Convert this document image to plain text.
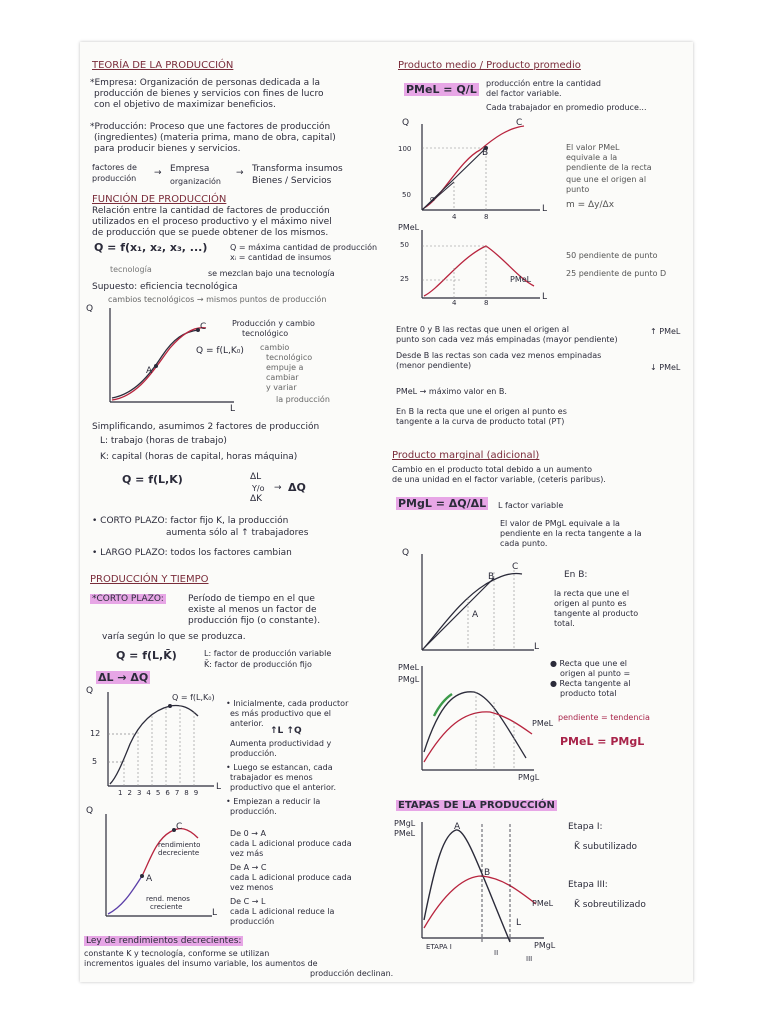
TEORÍA DE LA PRODUCCIÓN
*Empresa: Organización de personas dedicada a la
producción de bienes y servicios con fines de lucro
con el objetivo de maximizar beneficios.
*Producción: Proceso que une factores de producción
(ingredientes) (materia prima, mano de obra, capital)
para producir bienes y servicios.
factores de producción
→ Empresa
organización
→ Transforma insumos
Bienes / Servicios
FUNCIÓN DE PRODUCCIÓN
Relación entre la cantidad de factores de producción
utilizados en el proceso productivo y el máximo nivel
de producción que se puede obtener de los mismos.
Q = f(x₁, x₂, x₃, ...)	Q = máxima cantidad de producción
xᵢ = cantidad de insumos
tecnología	se mezclan bajo una tecnología
Supuesto: eficiencia tecnológica
cambios tecnológicos → mismos puntos de producción
Q
L
A
C
Q = f(L,K₀)
Producción y cambio
tecnológico
cambio
tecnológico
empuje a
cambiar
y variar
la producción
Simplificando, asumimos 2 factores de producción
L: trabajo (horas de trabajo)
K: capital (horas de capital, horas máquina)
Q = f(L,K)	ΔL
Y/o
ΔK
→ ΔQ
• CORTO PLAZO: factor fijo K, la producción
aumenta sólo al ↑ trabajadores
• LARGO PLAZO: todos los factores cambian
PRODUCCIÓN Y TIEMPO
*CORTO PLAZO:	Período de tiempo en el que
existe al menos un factor de
producción fijo (o constante).
varía según lo que se produzca.
Q = f(L,K̄)	L: factor de producción variable
K̄: factor de producción fijo
ΔL → ΔQ
Q
L
Q = f(L,K₀)
12
5
123456789
• Inicialmente, cada productor
es más productivo que el
anterior.
↑L ↑Q
Aumenta productividad y
producción.
• Luego se estancan, cada
trabajador es menos
productivo que el anterior.
• Empiezan a reducir la
producción.
Q
L
A
C
rendimiento
decreciente
rend. menos
creciente
De 0 → A
cada L adicional produce cada
vez más
De A → C
cada L adicional produce cada
vez menos
De C → L
cada L adicional reduce la
producción
Ley de rendimientos decrecientes:
constante K y tecnología, conforme se utilizan
incrementos iguales del insumo variable, los aumentos de
producción declinan.
Producto medio / Producto promedio
PMeL = Q/L producción entre la cantidad
del factor variable.
Cada trabajador en promedio produce...
Q
L
B
C
100
50
4	8
α
El valor PMeL
equivale a la
pendiente de la recta
que une el origen al
punto
m = Δy/Δx
PMeL
L
50
25
4	8
PMeL
50 pendiente de punto
25 pendiente de punto D
Entre 0 y B las rectas que unen el origen al
punto son cada vez más empinadas (mayor pendiente)
Desde B las rectas son cada vez menos empinadas
(menor pendiente)
PMeL → máximo valor en B.
En B la recta que une el origen al punto es
tangente a la curva de producto total (PT)
↑ PMeL
↓ PMeL
Producto marginal (adicional)
Cambio en el producto total debido a un aumento
de una unidad en el factor variable, (ceteris paribus).
PMgL = ΔQ/ΔL L factor variable
El valor de PMgL equivale a la
pendiente en la recta tangente a la
cada punto.
Q
L
A
B
C
En B:
la recta que une el
origen al punto es
tangente al producto
total.
PMeL
PMgL
PMeL
PMgL
● Recta que une el
origen al punto =
● Recta tangente al
producto total
pendiente = tendencia
PMeL = PMgL
ETAPAS DE LA PRODUCCIÓN
PMgL
PMeL
A
B
L
PMeL
PMgL
ETAPA I
II
III
Etapa I:
K̄ subutilizado
Etapa III:
K̄ sobreutilizado
